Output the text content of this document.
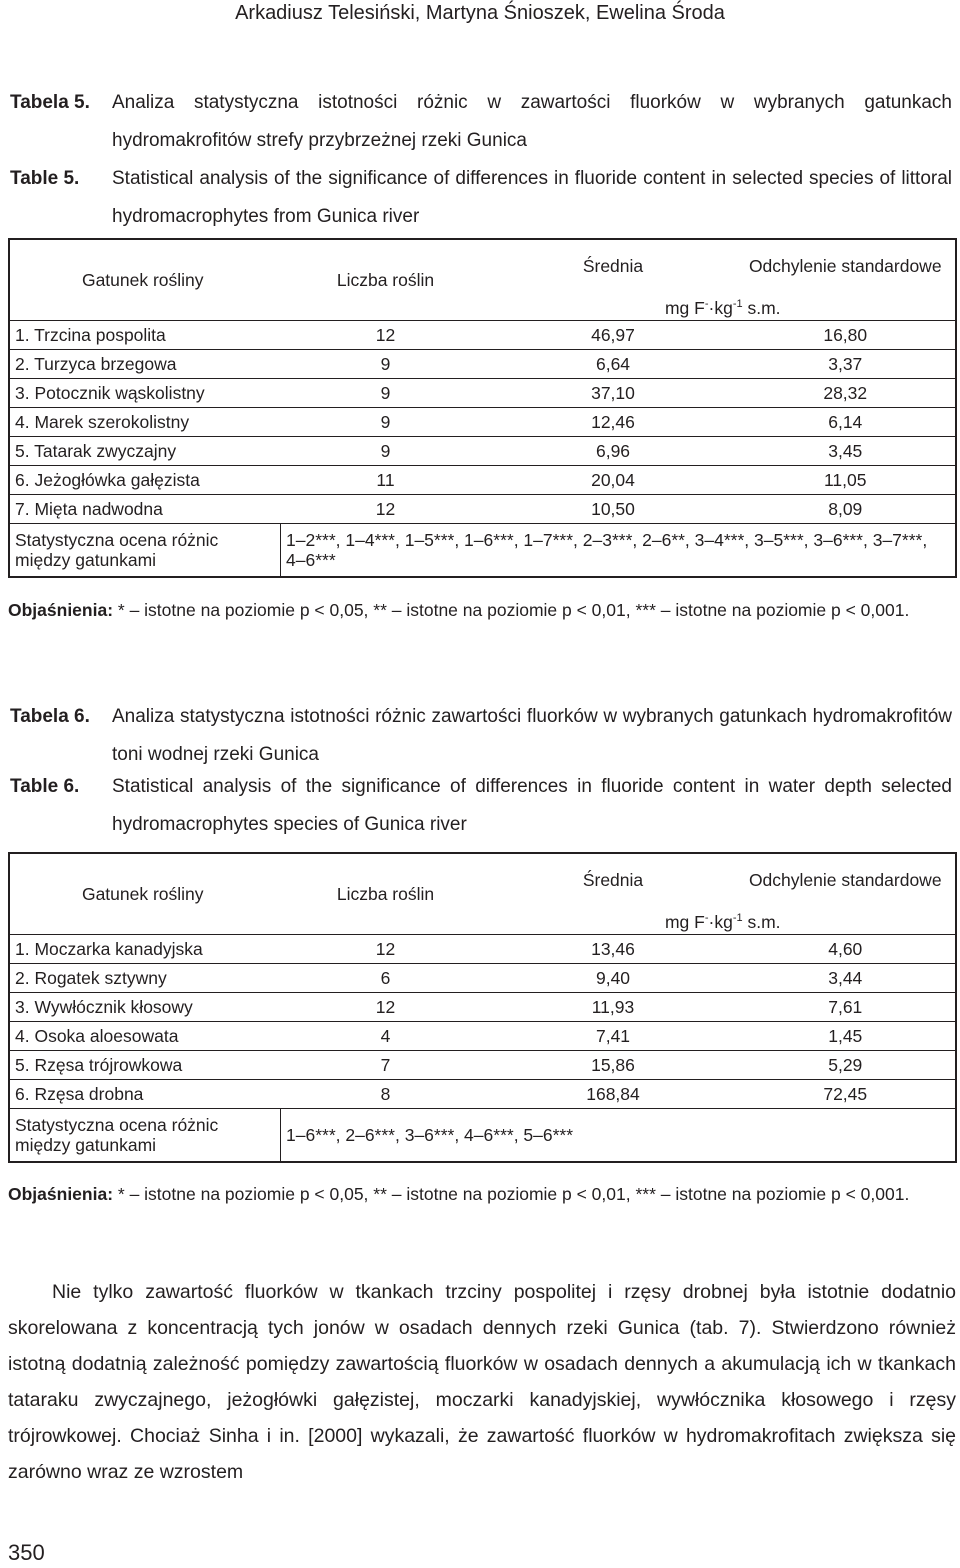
Arkadiusz Telesiński, Martyna Śnioszek, Ewelina Środa
Tabela 5. Analiza statystyczna istotności różnic w zawartości fluorków w wybranych gatunkach hydromakrofitów strefy przybrzeżnej rzeki Gunica
Table 5. Statistical analysis of the significance of differences in fluoride content in selected species of littoral hydromacrophytes from Gunica river
Gatunek rośliny	Liczba roślin	Średnia	Odchylenie standardowe
		mg $F^-\cdot kg^{-1}$ s.m.	
1. Trzcina pospolita	12	46,97	16,80
2. Turzyca brzegowa	9	6,64	3,37
3. Potocznik wąskolistny	9	37,10	28,32
4. Marek szerokolistny	9	12,46	6,14
5. Tatarak zwyczajny	9	6,96	3,45
6. Jeżogłówka gałęzista	11	20,04	11,05
7. Mięta nadwodna	12	10,50	8,09
Statystyczna ocena różnic między gatunkami	1–2***, 1–4***, 1–5***, 1–6***, 1–7***, 2–3***, 2–6**, 3–4***, 3–5***, 3–6***, 3–7***, 4–6***		
Objaśnienia: * – istotne na poziomie p < 0,05, ** – istotne na poziomie p < 0,01, *** – istotne na poziomie p < 0,001.
Tabela 6. Analiza statystyczna istotności różnic zawartości fluorków w wybranych gatunkach hydromakrofitów toni wodnej rzeki Gunica
Table 6. Statistical analysis of the significance of differences in fluoride content in water depth selected hydromacrophytes species of Gunica river
Gatunek rośliny	Liczba roślin	Średnia	Odchylenie standardowe
		mg $F^-\cdot kg^{-1}$ s.m.	
1. Moczarka kanadyjska	12	13,46	4,60
2. Rogatek sztywny	6	9,40	3,44
3. Wywłócznik kłosowy	12	11,93	7,61
4. Osoka aloesowata	4	7,41	1,45
5. Rzęsa trójrowkowa	7	15,86	5,29
6. Rzęsa drobna	8	168,84	72,45
Statystyczna ocena różnic między gatunkami	1–6***, 2–6***, 3–6***, 4–6***, 5–6***		
Objaśnienia: * – istotne na poziomie p < 0,05, ** – istotne na poziomie p < 0,01, *** – istotne na poziomie p < 0,001.
Nie tylko zawartość fluorków w tkankach trzciny pospolitej i rzęsy drobnej była istotnie dodatnio skorelowana z koncentracją tych jonów w osadach dennych rzeki Gunica (tab. 7). Stwierdzono również istotną dodatnią zależność pomiędzy zawartością fluorków w osadach dennych a akumulacją ich w tkankach tataraku zwyczajnego, jeżogłówki gałęzistej, moczarki kanadyjskiej, wywłócznika kłosowego i rzęsy trójrowkowej. Chociaż Sinha i in. [2000] wykazali, że zawartość fluorków w hydromakrofitach zwiększa się zarówno wraz ze wzrostem
350
